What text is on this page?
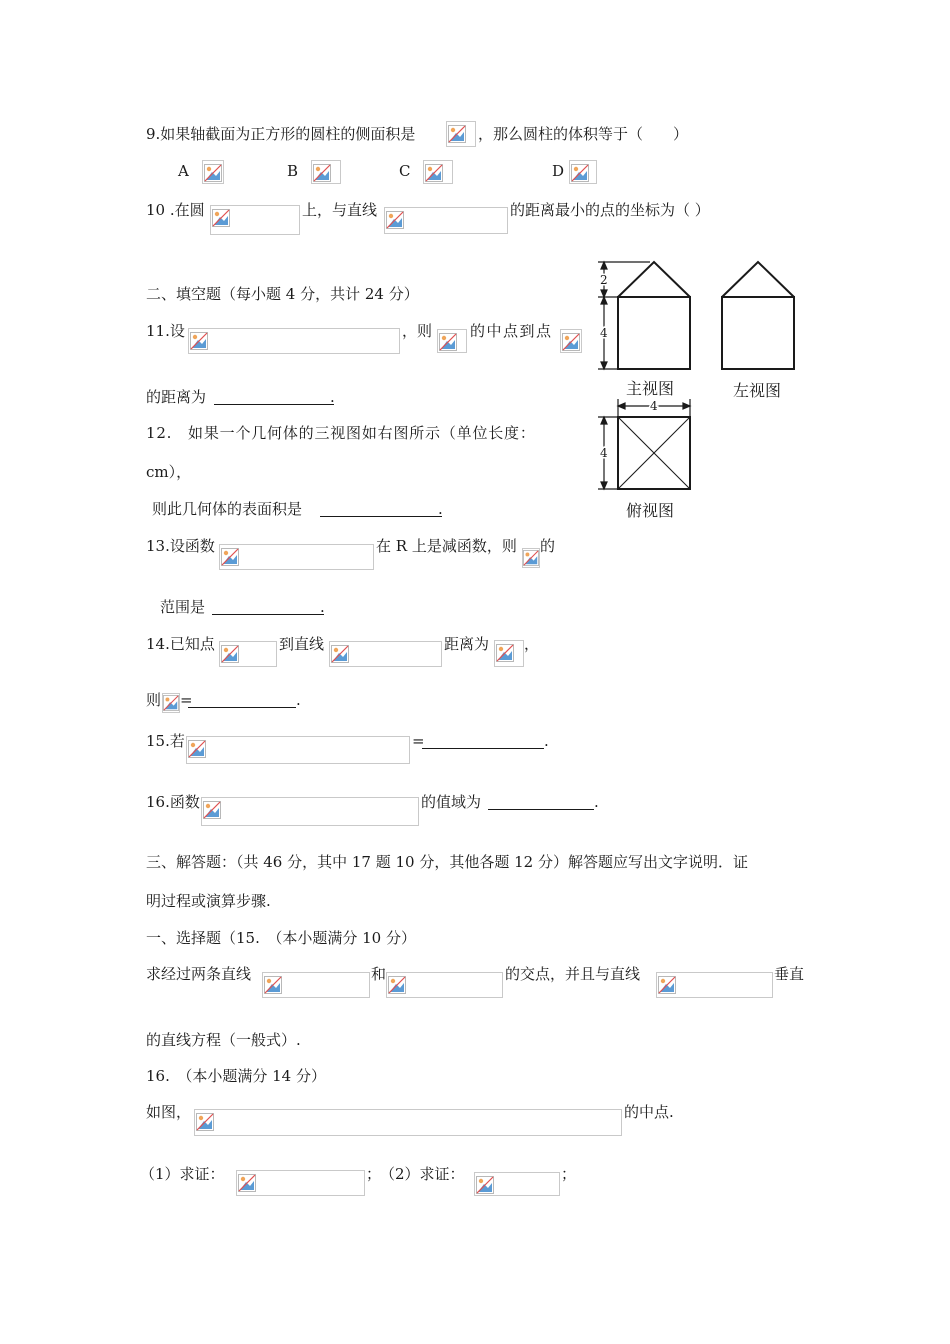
9.如果轴截面为正方形的圆柱的侧面积是	，那么圆柱的体积等于（　　）
A	B	C	D
10 .在圆	上，与直线	的距离最小的点的坐标为（ ）
二、填空题（每小题 4 分，共计 24 分）
11.设	，则	的中点到点
的距离为	.
12.　如果一个几何体的三视图如右图所示（单位长度：
cm），
则此几何体的表面积是	.
2
4
4
4
主视图	左视图
俯视图
13.设函数	在 R 上是减函数，则 的
范围是	.
14.已知点	到直线	距离为 ，
则 =	.
15.若	=	.
16.函数	的值域为	.
三、解答题：（共 46 分，其中 17 题 10 分，其他各题 12 分）解答题应写出文字说明．证
明过程或演算步骤.
一、选择题（15.　（本小题满分 10 分）
求经过两条直线	和	的交点，并且与直线	垂直
的直线方程（一般式）.
16.　（本小题满分 14 分）
如图，	的中点.
（1）求证：	；
（2）求证：	；
